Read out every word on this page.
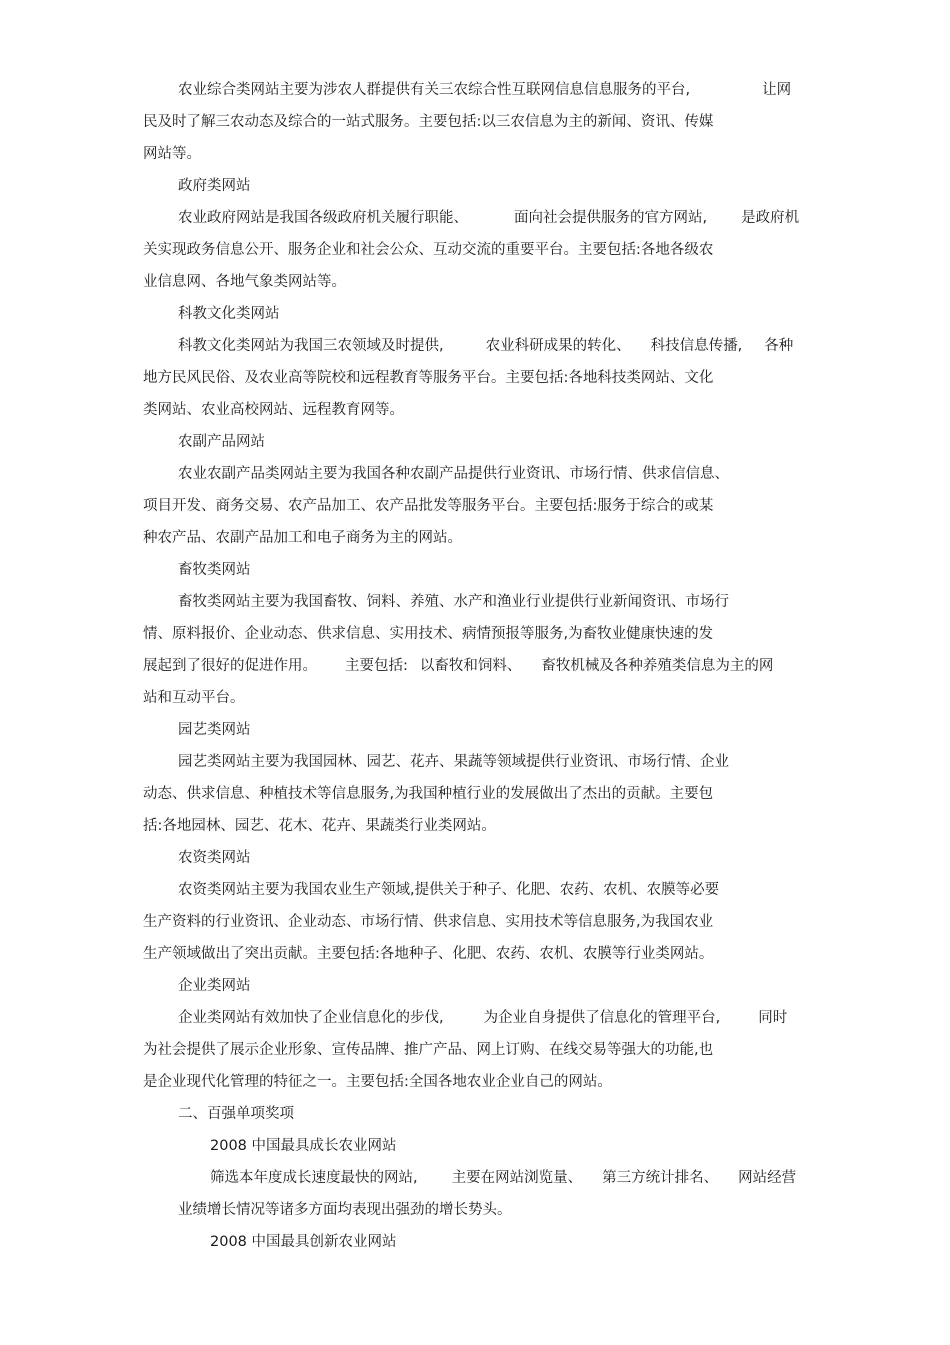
农业综合类网站主要为涉农人群提供有关三农综合性互联网信息信息服务的平台,	让网
民及时了解三农动态及综合的一站式服务。主要包括:以三农信息为主的新闻、资讯、传媒
网站等。
政府类网站
农业政府网站是我国各级政府机关履行职能、	面向社会提供服务的官方网站, 是政府机
关实现政务信息公开、服务企业和社会公众、互动交流的重要平台。主要包括:各地各级农
业信息网、各地气象类网站等。
科教文化类网站
科教文化类网站为我国三农领域及时提供,	农业科研成果的转化、 科技信息传播, 各种
地方民风民俗、及农业高等院校和远程教育等服务平台。主要包括:各地科技类网站、文化
类网站、农业高校网站、远程教育网等。
农副产品网站
农业农副产品类网站主要为我国各种农副产品提供行业资讯、市场行情、供求信信息、
项目开发、商务交易、农产品加工、农产品批发等服务平台。主要包括:服务于综合的或某
种农产品、农副产品加工和电子商务为主的网站。
畜牧类网站
畜牧类网站主要为我国畜牧、饲料、养殖、水产和渔业行业提供行业新闻资讯、市场行
情、原料报价、企业动态、供求信息、实用技术、病情预报等服务,为畜牧业健康快速的发
展起到了很好的促进作用。 主要包括: 以畜牧和饲料、 畜牧机械及各种养殖类信息为主的网
站和互动平台。
园艺类网站
园艺类网站主要为我国园林、园艺、花卉、果蔬等领域提供行业资讯、市场行情、企业
动态、供求信息、种植技术等信息服务,为我国种植行业的发展做出了杰出的贡献。主要包
括:各地园林、园艺、花木、花卉、果蔬类行业类网站。
农资类网站
农资类网站主要为我国农业生产领域,提供关于种子、化肥、农药、农机、农膜等必要
生产资料的行业资讯、企业动态、市场行情、供求信息、实用技术等信息服务,为我国农业
生产领域做出了突出贡献。主要包括:各地种子、化肥、农药、农机、农膜等行业类网站。
企业类网站
企业类网站有效加快了企业信息化的步伐,	为企业自身提供了信息化的管理平台,	同时
为社会提供了展示企业形象、宣传品牌、推广产品、网上订购、在线交易等强大的功能,也
是企业现代化管理的特征之一。主要包括:全国各地农业企业自己的网站。
二、百强单项奖项
2008 中国最具成长农业网站
筛选本年度成长速度最快的网站, 主要在网站浏览量、 第三方统计排名、 网站经营
业绩增长情况等诸多方面均表现出强劲的增长势头。
2008 中国最具创新农业网站
